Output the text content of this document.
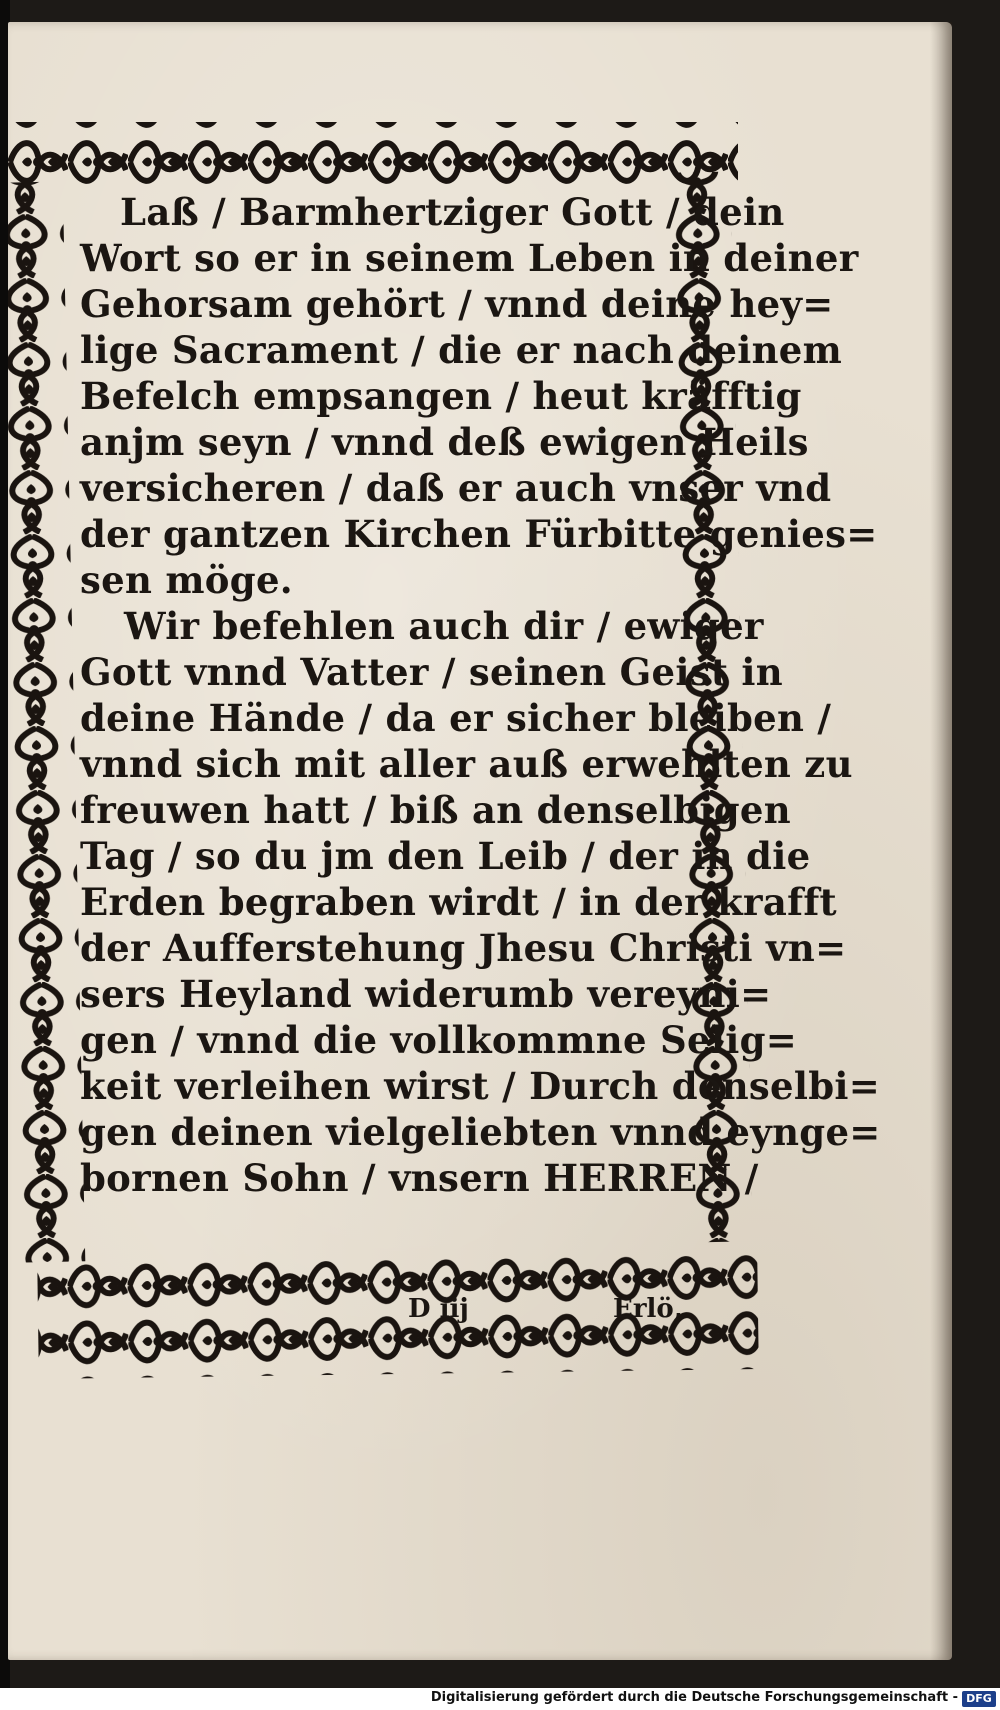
Laß / Barmhertziger Gott / dein
Wort so er in seinem Leben in deiner
Gehorsam gehört / vnnd deine hey=
lige Sacrament / die er nach deinem
Befelch empsangen / heut kräfftig
anjm seyn / vnnd deß ewigen Heils
versicheren / daß er auch vnser vnd
der gantzen Kirchen Fürbitte genies=
sen möge.
Wir befehlen auch dir / ewiger
Gott vnnd Vatter / seinen Geist in
deine Hände / da er sicher bleiben /
vnnd sich mit aller auß erwehlten zu
freuwen hatt / biß an denselbigen
Tag / so du jm den Leib / der in die
Erden begraben wirdt / in der krafft
der Aufferstehung Jhesu Christi vn=
sers Heyland widerumb vereyni=
gen / vnnd die vollkommne Selig=
keit verleihen wirst / Durch denselbi=
gen deinen vielgeliebten vnnd eynge=
bornen Sohn / vnsern HERREN /
D iij	Erlö,
Digitalisierung gefördert durch die Deutsche Forschungsgemeinschaft - DFG
